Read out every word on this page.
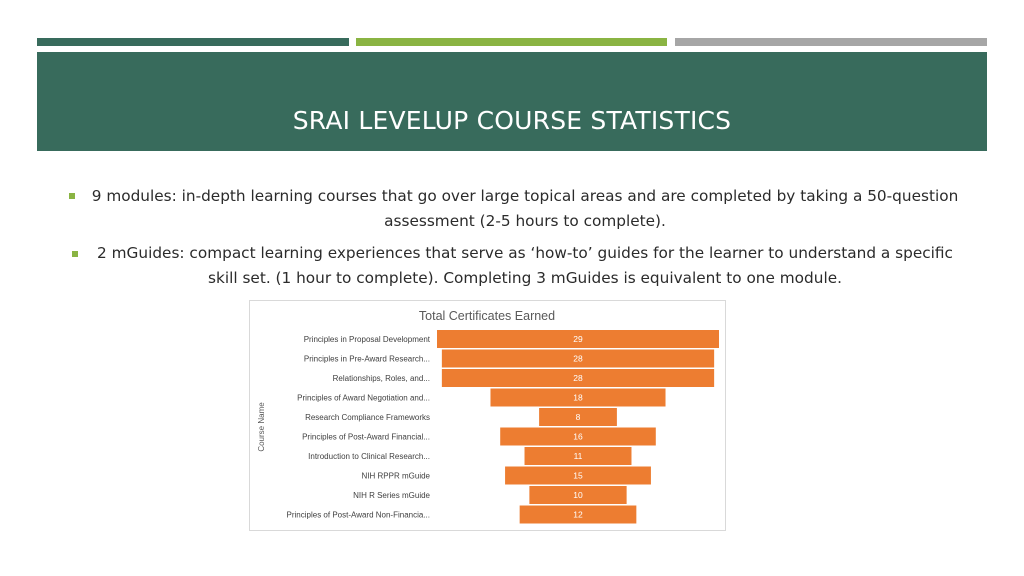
SRAI LEVELUP COURSE STATISTICS
9 modules: in-depth learning courses that go over large topical areas and are completed by taking a 50-question
assessment (2-5 hours to complete).
2 mGuides: compact learning experiences that serve as ‘how-to’ guides for the learner to understand a specific
skill set. (1 hour to complete). Completing 3 mGuides is equivalent to one module.
Total Certificates Earned
Course Name
29
Principles in Proposal Development
28
Principles in Pre-Award Research...
28
Relationships, Roles, and...
18
Principles of Award Negotiation and...
8
Research Compliance Frameworks
16
Principles of Post-Award Financial...
11
Introduction to Clinical Research...
15
NIH RPPR mGuide
10
NIH R Series mGuide
12
Principles of Post-Award Non-Financia...
